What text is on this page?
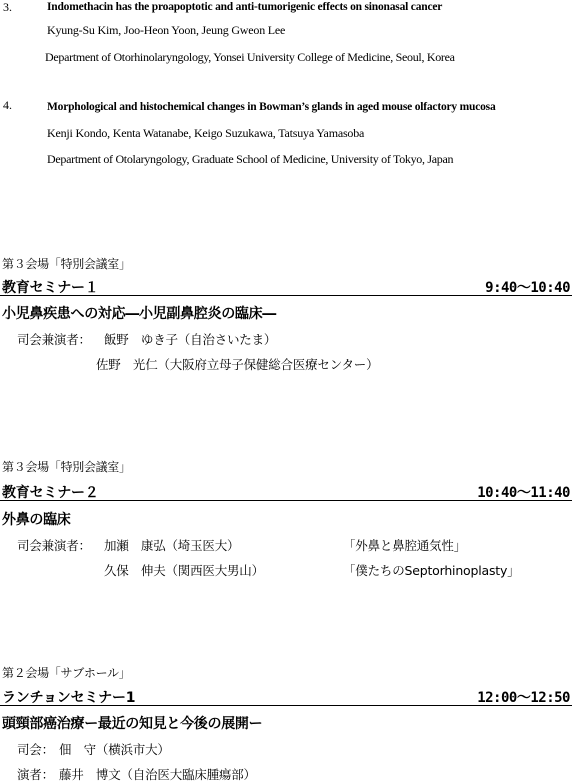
3.	Indomethacin has the proapoptotic and anti-tumorigenic effects on sinonasal cancer
Kyung-Su Kim, Joo-Heon Yoon, Jeung Gweon Lee
Department of Otorhinolaryngology, Yonsei University College of Medicine, Seoul, Korea
4.	Morphological and histochemical changes in Bowman’s glands in aged mouse olfactory mucosa
Kenji Kondo, Kenta Watanabe, Keigo Suzukawa, Tatsuya Yamasoba
Department of Otolaryngology, Graduate School of Medicine, University of Tokyo, Japan
第３会場「特別会議室」
教育セミナー１	9:40〜10:40
小児鼻疾患への対応―小児副鼻腔炎の臨床―
司会兼演者： 飯野　ゆき子（自治さいたま）
佐野　光仁（大阪府立母子保健総合医療センター）
第３会場「特別会議室」
教育セミナー２	10:40〜11:40
外鼻の臨床
司会兼演者： 加瀬　康弘（埼玉医大）	「外鼻と鼻腔通気性」
久保　伸夫（関西医大男山）	「僕たちのSeptorhinoplasty」
第２会場「サブホール」
ランチョンセミナー1	12:00〜12:50
頭頸部癌治療ー最近の知見と今後の展開ー
司会： 佃　守（横浜市大）
演者： 藤井　博文（自治医大臨床腫瘍部）
